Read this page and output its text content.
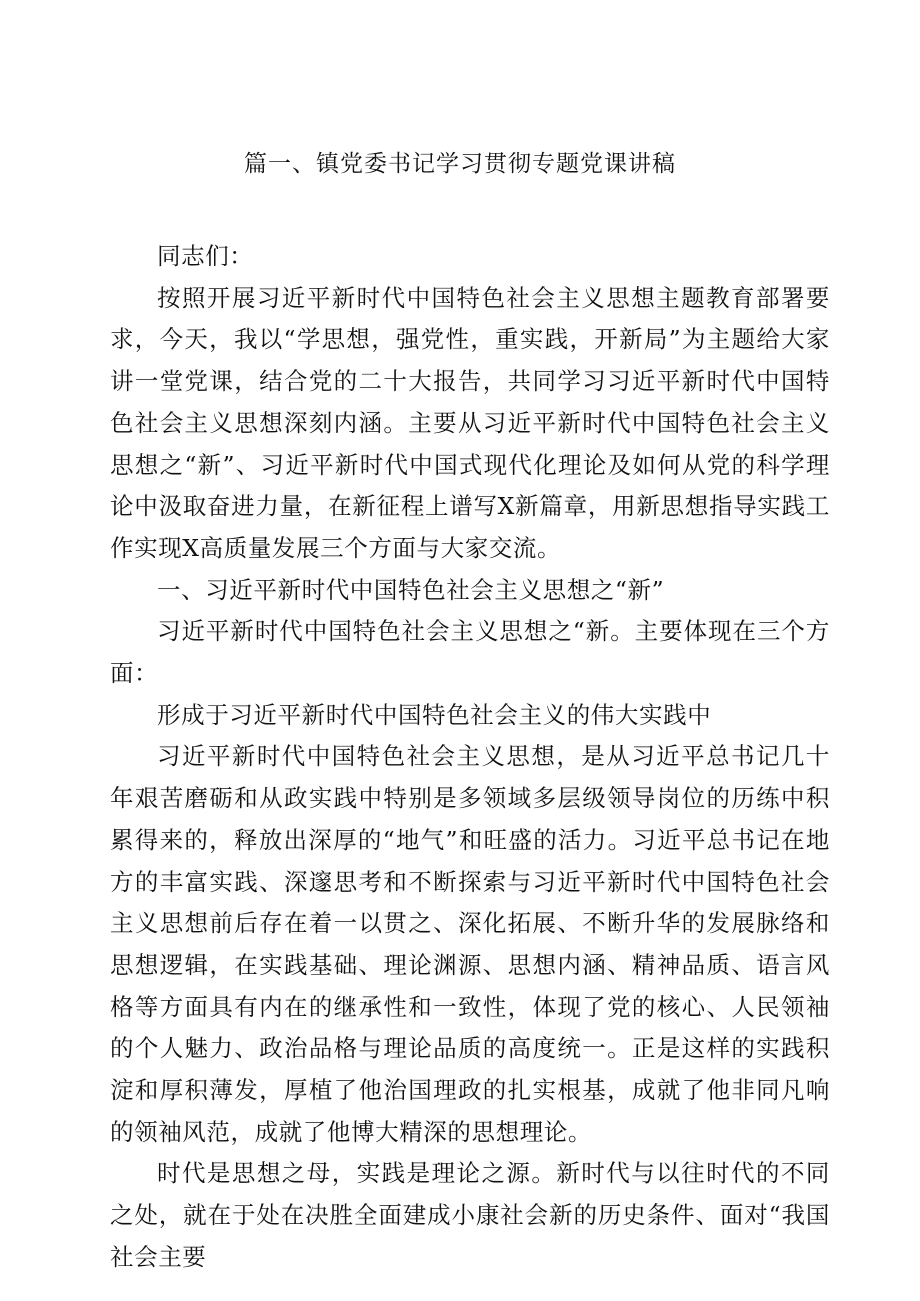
篇一、镇党委书记学习贯彻专题党课讲稿

同志们：

按照开展习近平新时代中国特色社会主义思想主题教育部署要求，今天，我以“学思想，强党性，重实践，开新局”为主题给大家讲一堂党课，结合党的二十大报告，共同学习习近平新时代中国特色社会主义思想深刻内涵。主要从习近平新时代中国特色社会主义思想之“新”、习近平新时代中国式现代化理论及如何从党的科学理论中汲取奋进力量，在新征程上谱写X新篇章，用新思想指导实践工作实现X高质量发展三个方面与大家交流。

一、习近平新时代中国特色社会主义思想之“新”

习近平新时代中国特色社会主义思想之“新。主要体现在三个方面：

形成于习近平新时代中国特色社会主义的伟大实践中

习近平新时代中国特色社会主义思想，是从习近平总书记几十年艰苦磨砺和从政实践中特别是多领域多层级领导岗位的历练中积累得来的，释放出深厚的“地气”和旺盛的活力。习近平总书记在地方的丰富实践、深邃思考和不断探索与习近平新时代中国特色社会主义思想前后存在着一以贯之、深化拓展、不断升华的发展脉络和思想逻辑，在实践基础、理论渊源、思想内涵、精神品质、语言风格等方面具有内在的继承性和一致性，体现了党的核心、人民领袖的个人魅力、政治品格与理论品质的高度统一。正是这样的实践积淀和厚积薄发，厚植了他治国理政的扎实根基，成就了他非同凡响的领袖风范，成就了他博大精深的思想理论。

时代是思想之母，实践是理论之源。新时代与以往时代的不同之处，就在于处在决胜全面建成小康社会新的历史条件、面对“我国社会主要
